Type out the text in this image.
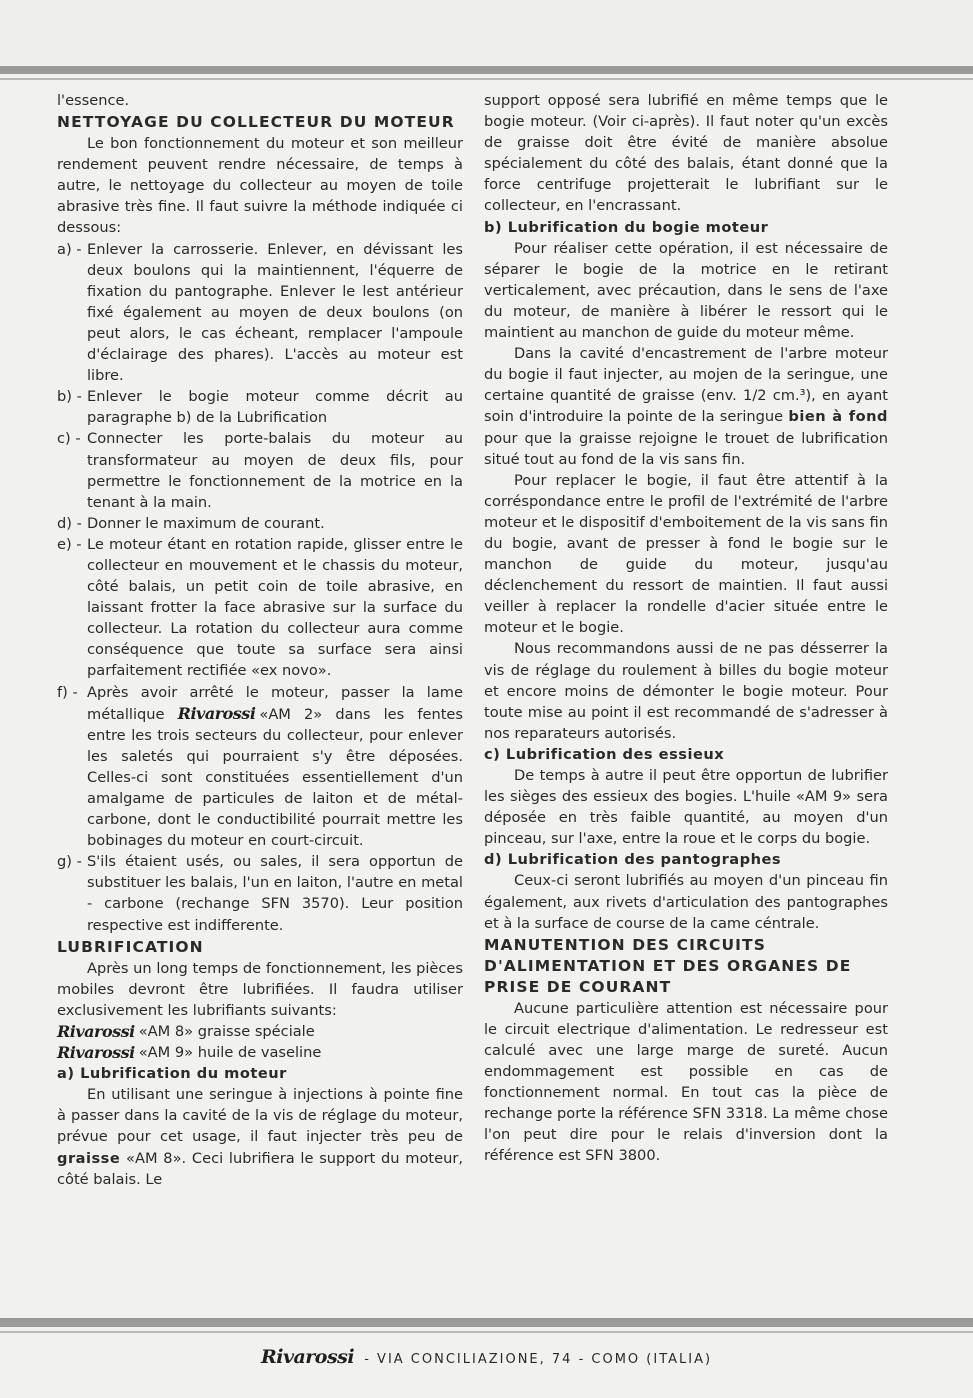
l'essence.

NETTOYAGE DU COLLECTEUR DU MOTEUR

Le bon fonctionnement du moteur et son meilleur rendement peuvent rendre nécessaire, de temps à autre, le nettoyage du collecteur au moyen de toile abrasive très fine. Il faut suivre la méthode indiquée ci dessous:

a) - Enlever la carrosserie. Enlever, en dévissant les deux boulons qui la maintiennent, l'équerre de fixation du pantographe. Enlever le lest antérieur fixé également au moyen de deux boulons (on peut alors, le cas écheant, remplacer l'ampoule d'éclairage des phares). L'accès au moteur est libre.
b) - Enlever le bogie moteur comme décrit au paragraphe b) de la Lubrification
c) - Connecter les porte-balais du moteur au transformateur au moyen de deux fils, pour permettre le fonctionnement de la motrice en la tenant à la main.
d) - Donner le maximum de courant.
e) - Le moteur étant en rotation rapide, glisser entre le collecteur en mouvement et le chassis du moteur, côté balais, un petit coin de toile abrasive, en laissant frotter la face abrasive sur la surface du collecteur. La rotation du collecteur aura comme conséquence que toute sa surface sera ainsi parfaitement rectifiée «ex novo».
f) - Après avoir arrêté le moteur, passer la lame métallique Rivarossi «AM 2» dans les fentes entre les trois secteurs du collecteur, pour enlever les saletés qui pourraient s'y être déposées. Celles-ci sont constituées essentiellement d'un amalgame de particules de laiton et de métal-carbone, dont le conductibilité pourrait mettre les bobinages du moteur en court-circuit.
g) - S'ils étaient usés, ou sales, il sera opportun de substituer les balais, l'un en laiton, l'autre en metal - carbone (rechange SFN 3570). Leur position respective est indifferente.
LUBRIFICATION

Après un long temps de fonctionnement, les pièces mobiles devront être lubrifiées. Il faudra utiliser exclusivement les lubrifiants suivants:

Rivarossi «AM 8»
graisse spéciale
Rivarossi «AM 9»
huile de vaseline
a) Lubrification du moteur

En utilisant une seringue à injections à pointe fine à passer dans la cavité de la vis de réglage du moteur, prévue pour cet usage, il faut injecter très peu de graisse «AM 8». Ceci lubrifiera le support du moteur, côté balais. Le

support opposé sera lubrifié en même temps que le bogie moteur. (Voir ci-après). Il faut noter qu'un excès de graisse doit être évité de manière absolue spécialement du côté des balais, étant donné que la force centrifuge projetterait le lubrifiant sur le collecteur, en l'encrassant.

b) Lubrification du bogie moteur

Pour réaliser cette opération, il est nécessaire de séparer le bogie de la motrice en le retirant verticalement, avec précaution, dans le sens de l'axe du moteur, de manière à libérer le ressort qui le maintient au manchon de guide du moteur même.

Dans la cavité d'encastrement de l'arbre moteur du bogie il faut injecter, au mojen de la seringue, une certaine quantité de graisse (env. 1/2 cm.³), en ayant soin d'introduire la pointe de la seringue bien à fond pour que la graisse rejoigne le trouet de lubrification situé tout au fond de la vis sans fin.

Pour replacer le bogie, il faut être attentif à la corréspondance entre le profil de l'extrémité de l'arbre moteur et le dispositif d'emboitement de la vis sans fin du bogie, avant de presser à fond le bogie sur le manchon de guide du moteur, jusqu'au déclenchement du ressort de maintien. Il faut aussi veiller à replacer la rondelle d'acier située entre le moteur et le bogie.

Nous recommandons aussi de ne pas désserrer la vis de réglage du roulement à billes du bogie moteur et encore moins de démonter le bogie moteur. Pour toute mise au point il est recommandé de s'adresser à nos reparateurs autorisés.

c) Lubrification des essieux

De temps à autre il peut être opportun de lubrifier les sièges des essieux des bogies. L'huile «AM 9» sera déposée en très faible quantité, au moyen d'un pinceau, sur l'axe, entre la roue et le corps du bogie.

d) Lubrification des pantographes

Ceux-ci seront lubrifiés au moyen d'un pinceau fin également, aux rivets d'articulation des pantographes et à la surface de course de la came céntrale.

MANUTENTION DES CIRCUITS D'ALIMENTATION ET DES ORGANES DE PRISE DE COURANT

Aucune particulière attention est nécessaire pour le circuit electrique d'alimentation. Le redresseur est calculé avec une large marge de sureté. Aucun endommagement est possible en cas de fonctionnement normal. En tout cas la pièce de rechange porte la référence SFN 3318. La même chose l'on peut dire pour le relais d'inversion dont la référence est SFN 3800.

Rivarossi - VIA CONCILIAZIONE, 74 - COMO (ITALIA)
